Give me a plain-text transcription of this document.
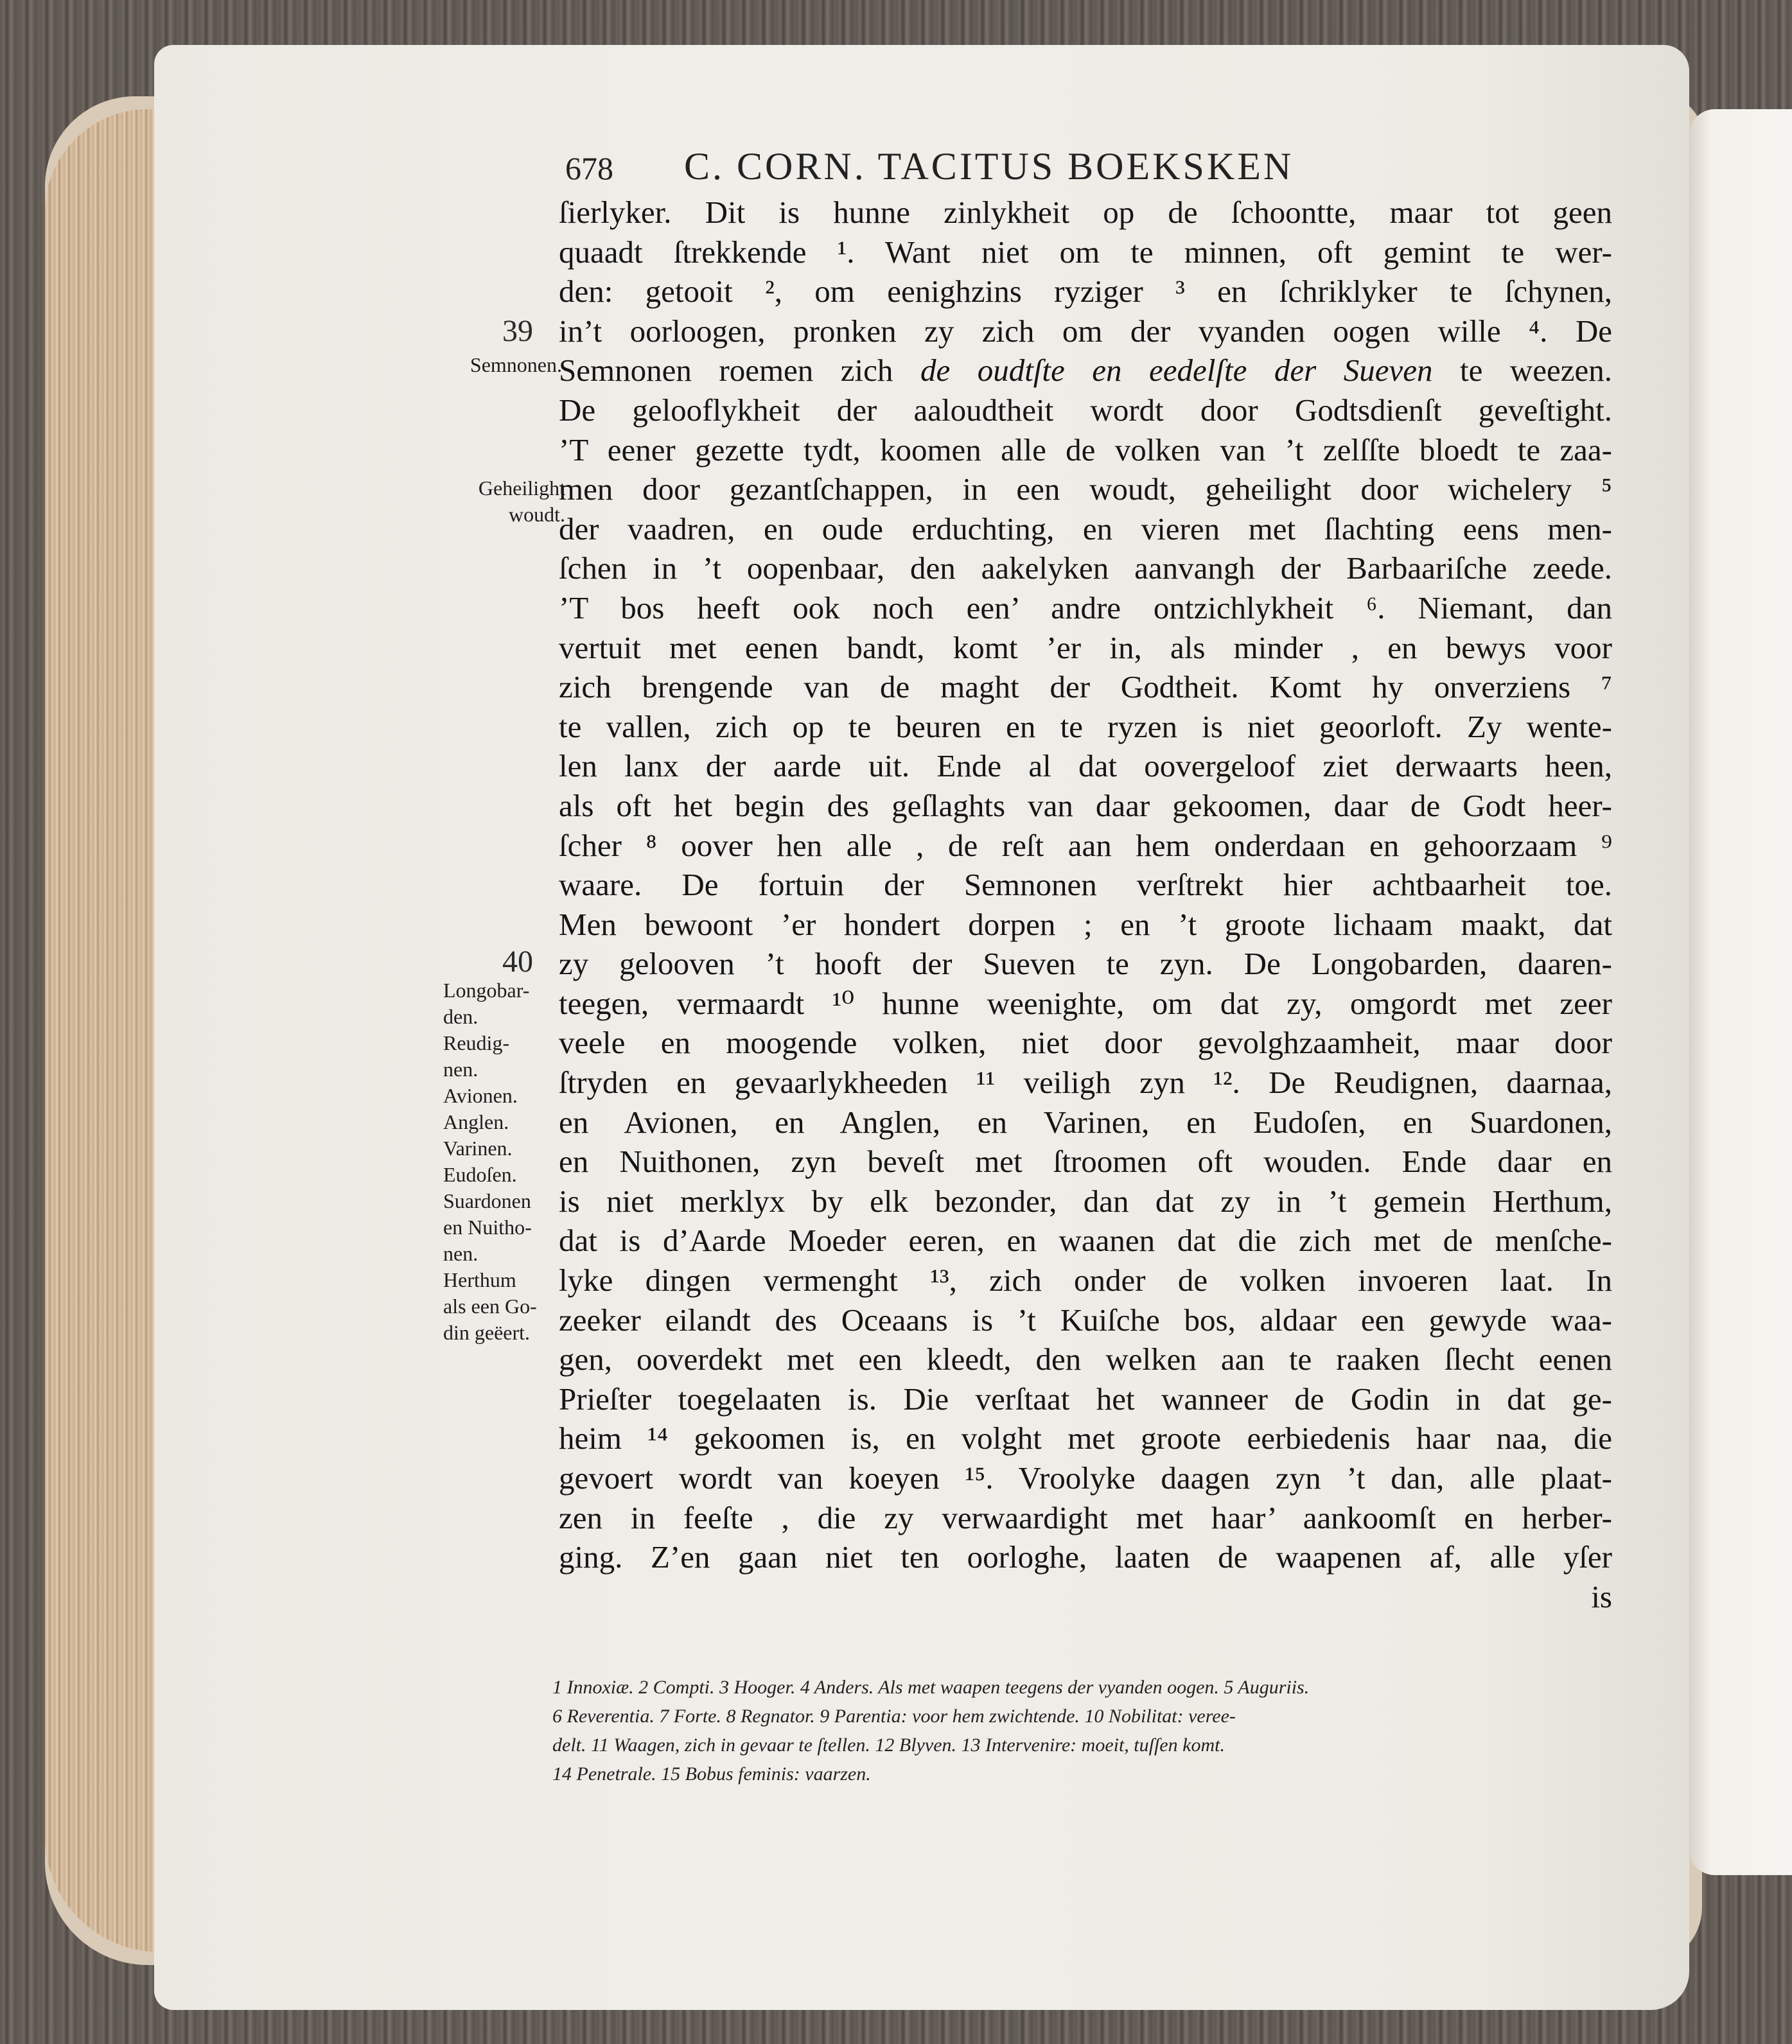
678 C. CORN. TACITUS BOEKSKEN
ſierlyker. Dit is hunne zinlykheit op de ſchoontte, maar tot geen
quaadt ſtrekkende ¹. Want niet om te minnen, oft gemint te wer-
den: getooit ², om eenighzins ryziger ³ en ſchriklyker te ſchynen,
in’t oorloogen, pronken zy zich om der vyanden oogen wille ⁴. De
Semnonen roemen zich de oudtſte en eedelſte der Sueven te weezen.
De gelooflykheit der aaloudtheit wordt door Godtsdienſt geveſtight.
’T eener gezette tydt, koomen alle de volken van ’t zelſſte bloedt te zaa-
men door gezantſchappen, in een woudt, geheilight door wichelery ⁵
der vaadren, en oude erduchting, en vieren met ſlachting eens men-
ſchen in ’t oopenbaar, den aakelyken aanvangh der Barbaariſche zeede.
’T bos heeft ook noch een’ andre ontzichlykheit ⁶. Niemant, dan
vertuit met eenen bandt, komt ’er in, als minder , en bewys voor
zich brengende van de maght der Godtheit. Komt hy onverziens ⁷
te vallen, zich op te beuren en te ryzen is niet geoorloft. Zy wente-
len lanx der aarde uit. Ende al dat oovergeloof ziet derwaarts heen,
als oft het begin des geſlaghts van daar gekoomen, daar de Godt heer-
ſcher ⁸ oover hen alle , de reſt aan hem onderdaan en gehoorzaam ⁹
waare. De fortuin der Semnonen verſtrekt hier achtbaarheit toe.
Men bewoont ’er hondert dorpen ; en ’t groote lichaam maakt, dat
zy gelooven ’t hooft der Sueven te zyn. De Longobarden, daaren-
teegen, vermaardt ¹⁰ hunne weenighte, om dat zy, omgordt met zeer
veele en moogende volken, niet door gevolghzaamheit, maar door
ſtryden en gevaarlykheeden ¹¹ veiligh zyn ¹². De Reudignen, daarnaa,
en Avionen, en Anglen, en Varinen, en Eudoſen, en Suardonen,
en Nuithonen, zyn beveſt met ſtroomen oft wouden. Ende daar en
is niet merklyx by elk bezonder, dan dat zy in ’t gemein Herthum,
dat is d’Aarde Moeder eeren, en waanen dat die zich met de menſche-
lyke dingen vermenght ¹³, zich onder de volken invoeren laat. In
zeeker eilandt des Oceaans is ’t Kuiſche bos, aldaar een gewyde waa-
gen, ooverdekt met een kleedt, den welken aan te raaken ſlecht eenen
Prieſter toegelaaten is. Die verſtaat het wanneer de Godin in dat ge-
heim ¹⁴ gekoomen is, en volght met groote eerbiedenis haar naa, die
gevoert wordt van koeyen ¹⁵. Vroolyke daagen zyn ’t dan, alle plaat-
zen in feeſte , die zy verwaardight met haar’ aankoomſt en herber-
ging. Z’en gaan niet ten oorloghe, laaten de waapenen af, alle yſer
is
39
40
Semnonen.
Geheilight
woudt.
Longobar-
den.
Reudig-
nen.
Avionen.
Anglen.
Varinen.
Eudoſen.
Suardonen
en Nuitho-
nen.
Herthum
als een Go-
din geëert.
1 Innoxiæ. 2 Compti. 3 Hooger. 4 Anders. Als met waapen teegens der vyanden oogen. 5 Auguriis.
6 Reverentia. 7 Forte. 8 Regnator. 9 Parentia: voor hem zwichtende. 10 Nobilitat: veree-
delt. 11 Waagen, zich in gevaar te ſtellen. 12 Blyven. 13 Intervenire: moeit, tuſſen komt.
14 Penetrale. 15 Bobus feminis: vaarzen.
